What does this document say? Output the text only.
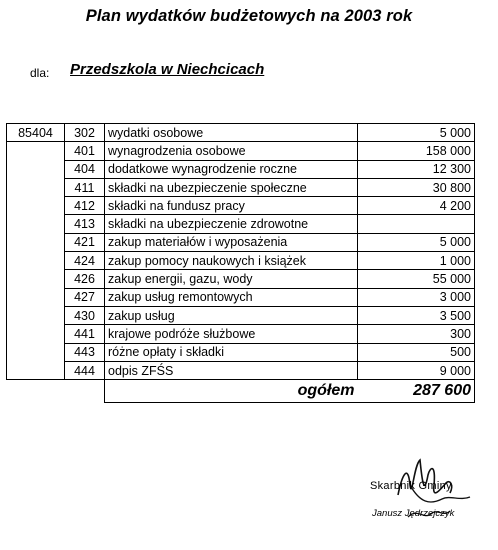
Plan wydatków budżetowych na 2003 rok
dla: Przedszkola w Niechcicach
85404	302	wydatki osobowe	5 000
	401	wynagrodzenia osobowe	158 000
	404	dodatkowe wynagrodzenie roczne	12 300
	411	składki na ubezpieczenie społeczne	30 800
	412	składki na fundusz pracy	4 200
	413	składki na ubezpieczenie zdrowotne	
	421	zakup materiałów i wyposażenia	5 000
	424	zakup pomocy naukowych i książek	1 000
	426	zakup energii, gazu, wody	55 000
	427	zakup usług remontowych	3 000
	430	zakup usług	3 500
	441	krajowe podróże służbowe	300
	443	różne opłaty i składki	500
	444	odpis ZFŚS	9 000
		ogółem	287 600
Skarbnik Gminy
Janusz Jędrzejczyk
